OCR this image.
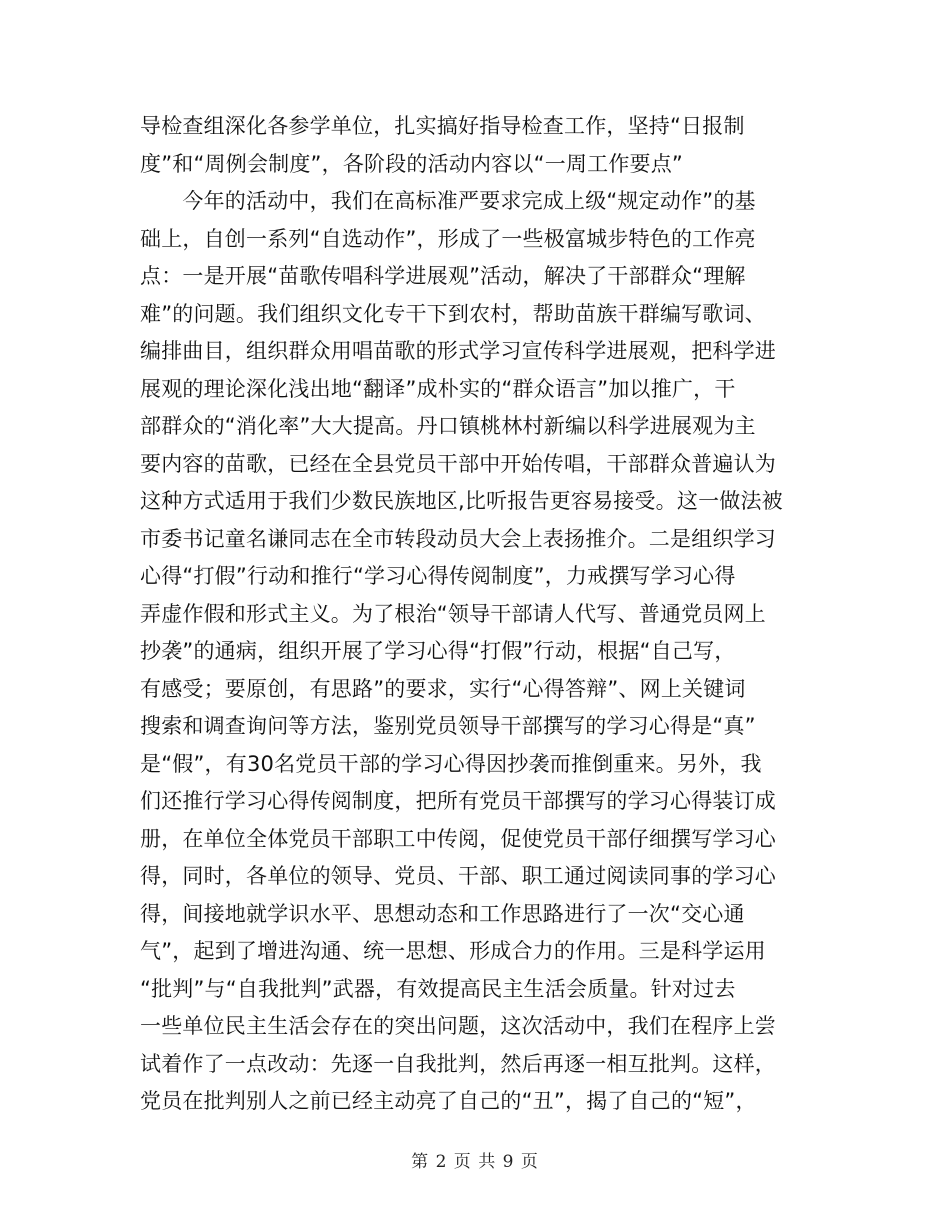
导检查组深化各参学单位，扎实搞好指导检查工作，坚持“日报制
度”和“周例会制度”，各阶段的活动内容以“一周工作要点”
　　今年的活动中，我们在高标准严要求完成上级“规定动作”的基
础上，自创一系列“自选动作”，形成了一些极富城步特色的工作亮
点：一是开展“苗歌传唱科学进展观”活动，解决了干部群众“理解
难”的问题。我们组织文化专干下到农村，帮助苗族干群编写歌词、
编排曲目，组织群众用唱苗歌的形式学习宣传科学进展观，把科学进
展观的理论深化浅出地“翻译”成朴实的“群众语言”加以推广，干
部群众的“消化率”大大提高。丹口镇桃林村新编以科学进展观为主
要内容的苗歌，已经在全县党员干部中开始传唱，干部群众普遍认为
这种方式适用于我们少数民族地区,比听报告更容易接受。这一做法被
市委书记童名谦同志在全市转段动员大会上表扬推介。二是组织学习
心得“打假”行动和推行“学习心得传阅制度”，力戒撰写学习心得
弄虚作假和形式主义。为了根治“领导干部请人代写、普通党员网上
抄袭”的通病，组织开展了学习心得“打假”行动，根据“自己写，
有感受；要原创，有思路”的要求，实行“心得答辩”、网上关键词
搜索和调查询问等方法，鉴别党员领导干部撰写的学习心得是“真”
是“假”，有30名党员干部的学习心得因抄袭而推倒重来。另外，我
们还推行学习心得传阅制度，把所有党员干部撰写的学习心得装订成
册，在单位全体党员干部职工中传阅，促使党员干部仔细撰写学习心
得，同时，各单位的领导、党员、干部、职工通过阅读同事的学习心
得，间接地就学识水平、思想动态和工作思路进行了一次“交心通
气”，起到了增进沟通、统一思想、形成合力的作用。三是科学运用
“批判”与“自我批判”武器，有效提高民主生活会质量。针对过去
一些单位民主生活会存在的突出问题，这次活动中，我们在程序上尝
试着作了一点改动：先逐一自我批判，然后再逐一相互批判。这样，
党员在批判别人之前已经主动亮了自己的“丑”，揭了自己的“短”，
第 2 页 共 9 页
